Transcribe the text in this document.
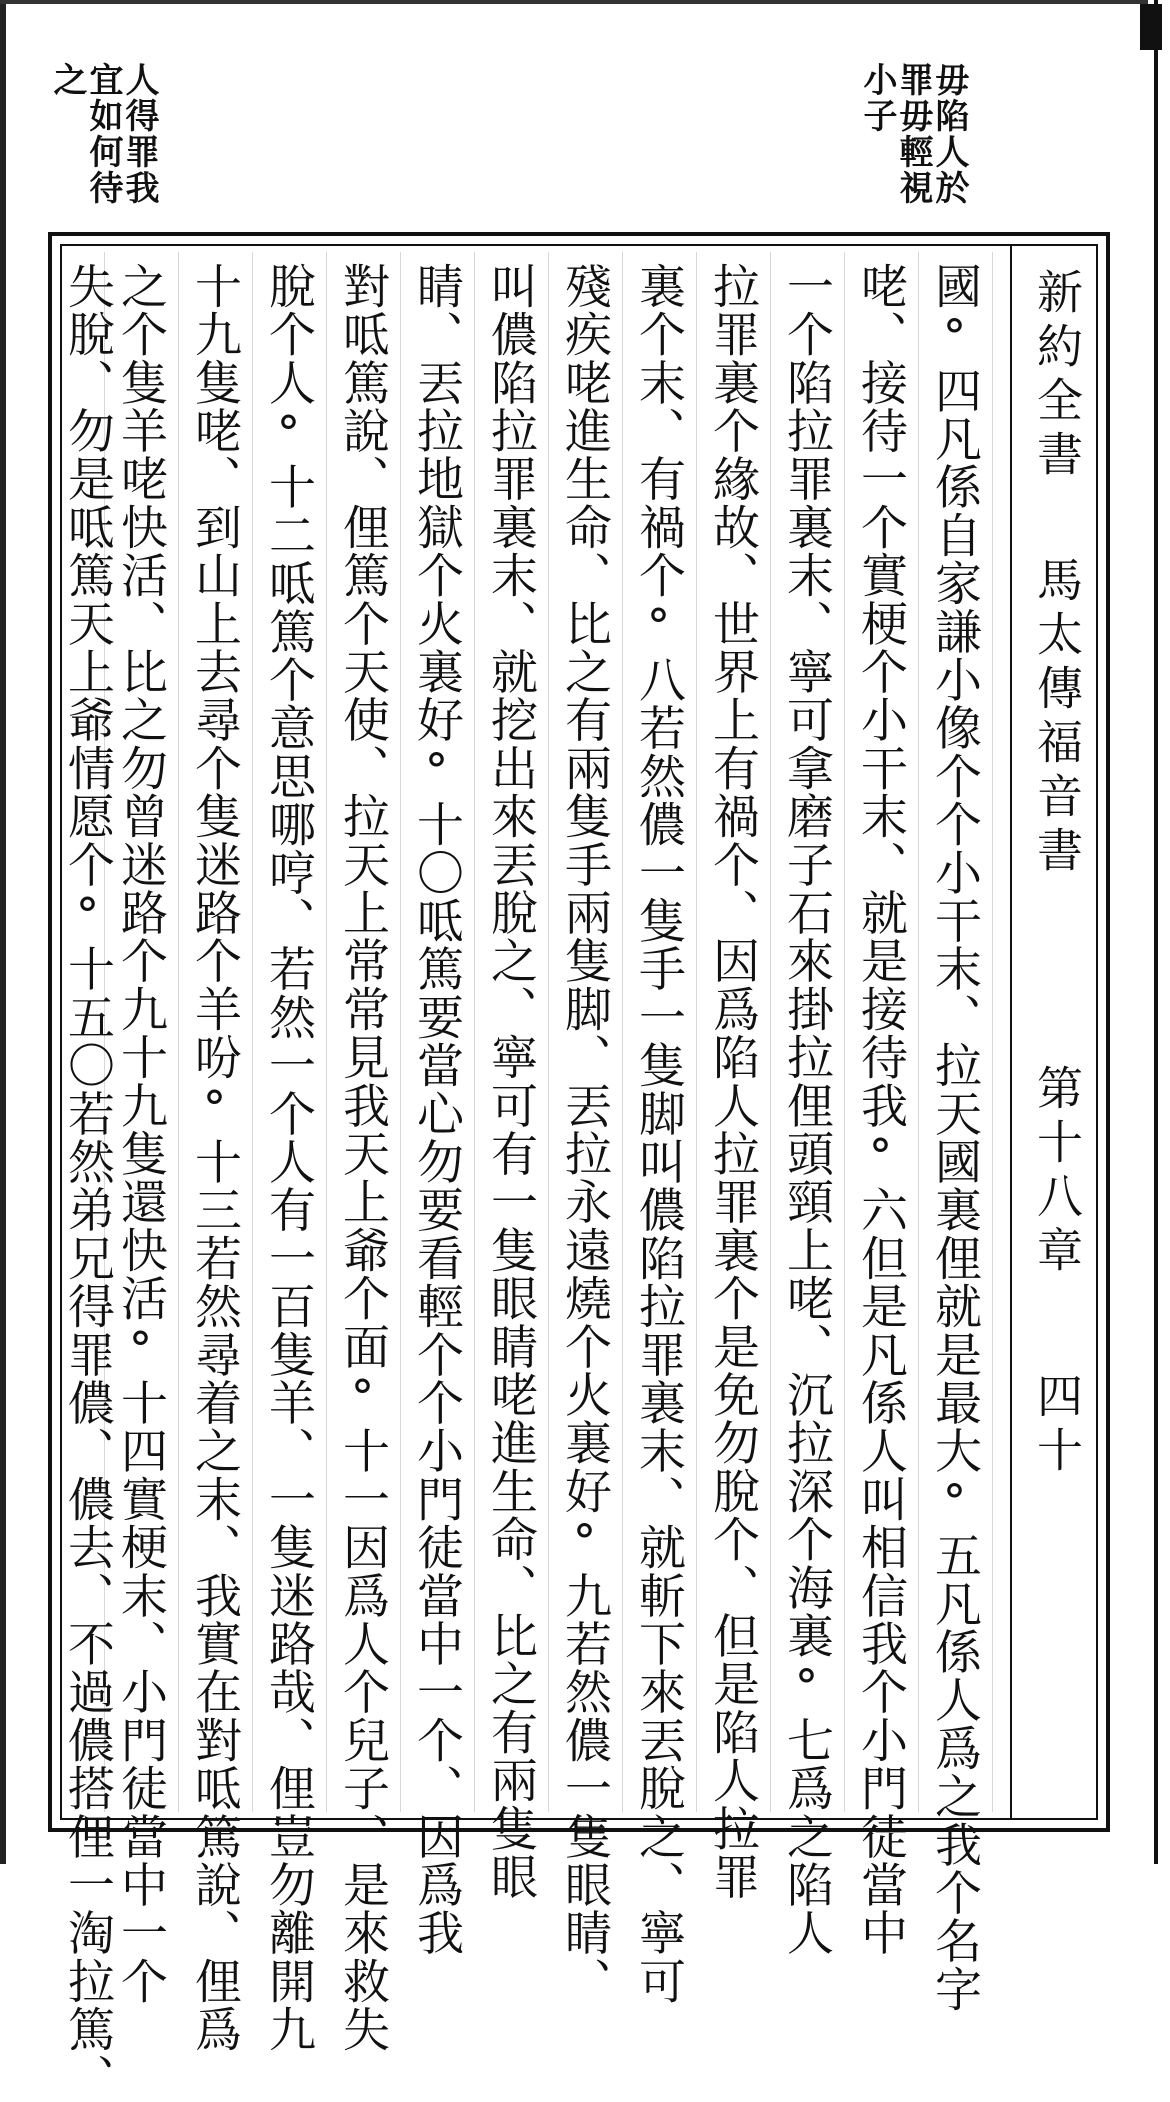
毋陷人於
罪毋輕視
小子
人得罪我
宜如何待
之
新約全書
馬太傳福音書
第十八章
四十
國°四凡係自家謙小像个个小干末、拉天國裏俚就是最大°五凡係人爲之我个名字
咾、接待一个實梗个小干末、就是接待我°六但是凡係人叫相信我个小門徒當中
一个陷拉罪裏末、寧可拿磨子石來掛拉俚頭頸上咾、沉拉深个海裏°七爲之陷人
拉罪裏个緣故、世界上有禍个、因爲陷人拉罪裏个是免勿脫个、但是陷人拉罪
裏个末、有禍个°八若然儂一隻手一隻脚叫儂陷拉罪裏末、就斬下來丟脫之、寧可
殘疾咾進生命、比之有兩隻手兩隻脚、丟拉永遠燒个火裏好°九若然儂一隻眼睛、
叫儂陷拉罪裏末、就挖出來丟脫之、寧可有一隻眼睛咾進生命、比之有兩隻眼
睛、丟拉地獄个火裏好°十〇呧篤要當心勿要看輕个个小門徒當中一个、因爲我
對呧篤說、俚篤个天使、拉天上常常見我天上爺个面°十一因爲人个兒子、是來救失
脫个人°十二呧篤个意思哪哼、若然一个人有一百隻羊、一隻迷路哉、俚豈勿離開九
十九隻咾、到山上去尋个隻迷路个羊吩°十三若然尋着之末、我實在對呧篤說、俚爲
之个隻羊咾快活、比之勿曾迷路个九十九隻還快活°十四實梗末、小門徒當中一个
失脫、勿是呧篤天上爺情愿个°十五〇若然弟兄得罪儂、儂去、不過儂搭俚一淘拉篤、
